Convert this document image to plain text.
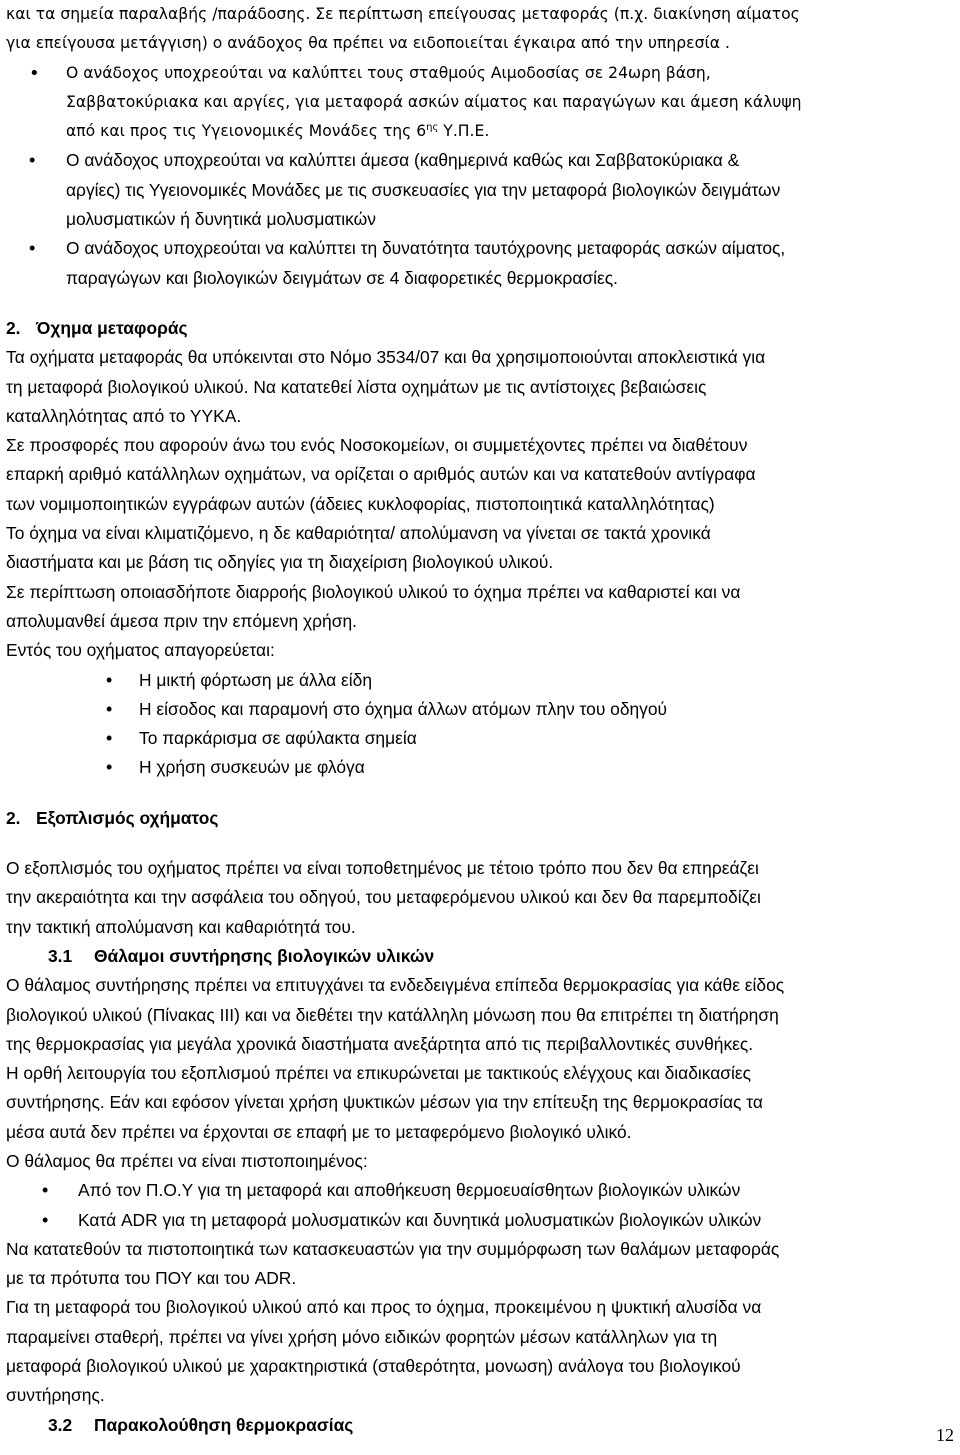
και τα σημεία παραλαβής /παράδοσης. Σε περίπτωση επείγουσας μεταφοράς (π.χ. διακίνηση αίματος

για επείγουσα μετάγγιση) ο ανάδοχος θα πρέπει να ειδοποιείται έγκαιρα από την υπηρεσία .

• Ο ανάδοχος υποχρεούται να καλύπτει τους σταθμούς Αιμοδοσίας σε 24ωρη βάση,
Σαββατοκύριακα και αργίες, για μεταφορά ασκών αίματος και παραγώγων και άμεση κάλυψη
από και προς τις Υγειονομικές Μονάδες της $6^{\eta\varsigma}$ Υ.Π.Ε.
• Ο ανάδοχος υποχρεούται να καλύπτει άμεσα (καθημερινά καθώς και Σαββατοκύριακα &
αργίες) τις Υγειονομικές Μονάδες με τις συσκευασίες για την μεταφορά βιολογικών δειγμάτων
μολυσματικών ή δυνητικά μολυσματικών
• Ο ανάδοχος υποχρεούται να καλύπτει τη δυνατότητα ταυτόχρονης μεταφοράς ασκών αίματος,
παραγώγων και βιολογικών δειγμάτων σε 4 διαφορετικές θερμοκρασίες.

2. Όχημα μεταφοράς

Τα οχήματα μεταφοράς θα υπόκεινται στο Νόμο 3534/07 και θα χρησιμοποιούνται αποκλειστικά για

τη μεταφορά βιολογικού υλικού. Να κατατεθεί λίστα οχημάτων με τις αντίστοιχες βεβαιώσεις

καταλληλότητας από το ΥΥΚΑ.

Σε προσφορές που αφορούν άνω του ενός Νοσοκομείων, οι συμμετέχοντες πρέπει να διαθέτουν

επαρκή αριθμό κατάλληλων οχημάτων, να ορίζεται ο αριθμός αυτών και να κατατεθούν αντίγραφα

των νομιμοποιητικών εγγράφων αυτών (άδειες κυκλοφορίας, πιστοποιητικά καταλληλότητας)

Το όχημα να είναι κλιματιζόμενο, η δε καθαριότητα/ απολύμανση να γίνεται σε τακτά χρονικά

διαστήματα και με βάση τις οδηγίες για τη διαχείριση βιολογικού υλικού.

Σε περίπτωση οποιασδήποτε διαρροής βιολογικού υλικού το όχημα πρέπει να καθαριστεί και να

απολυμανθεί άμεσα πριν την επόμενη χρήση.

Εντός του οχήματος απαγορεύεται:

• Η μικτή φόρτωση με άλλα είδη

• Η είσοδος και παραμονή στο όχημα άλλων ατόμων πλην του οδηγού

• Το παρκάρισμα σε αφύλακτα σημεία

• Η χρήση συσκευών με φλόγα

2. Εξοπλισμός οχήματος

Ο εξοπλισμός του οχήματος πρέπει να είναι τοποθετημένος με τέτοιο τρόπο που δεν θα επηρεάζει

την ακεραιότητα και την ασφάλεια του οδηγού, του μεταφερόμενου υλικού και δεν θα παρεμποδίζει

την τακτική απολύμανση και καθαριότητά του.

3.1 Θάλαμοι συντήρησης βιολογικών υλικών

Ο θάλαμος συντήρησης πρέπει να επιτυγχάνει τα ενδεδειγμένα επίπεδα θερμοκρασίας για κάθε είδος

βιολογικού υλικού (Πίνακας ΙΙΙ) και να διεθέτει την κατάλληλη μόνωση που θα επιτρέπει τη διατήρηση

της θερμοκρασίας για μεγάλα χρονικά διαστήματα ανεξάρτητα από τις περιβαλλοντικές συνθήκες.

Η ορθή λειτουργία του εξοπλισμού πρέπει να επικυρώνεται με τακτικούς ελέγχους και διαδικασίες

συντήρησης. Εάν και εφόσον γίνεται χρήση ψυκτικών μέσων για την επίτευξη της θερμοκρασίας τα

μέσα αυτά δεν πρέπει να έρχονται σε επαφή με το μεταφερόμενο βιολογικό υλικό.

Ο θάλαμος θα πρέπει να είναι πιστοποιημένος:

• Από τον Π.Ο.Υ για τη μεταφορά και αποθήκευση θερμοευαίσθητων βιολογικών υλικών

• Κατά ADR για τη μεταφορά μολυσματικών και δυνητικά μολυσματικών βιολογικών υλικών

Να κατατεθούν τα πιστοποιητικά των κατασκευαστών για την συμμόρφωση των θαλάμων μεταφοράς

με τα πρότυπα του ΠΟΥ και του ADR.

Για τη μεταφορά του βιολογικού υλικού από και προς το όχημα, προκειμένου η ψυκτική αλυσίδα να

παραμείνει σταθερή, πρέπει να γίνει χρήση μόνο ειδικών φορητών μέσων κατάλληλων για τη

μεταφορά βιολογικού υλικού με χαρακτηριστικά (σταθερότητα, μονωση) ανάλογα του βιολογικού

συντήρησης.

3.2 Παρακολούθηση θερμοκρασίας

12
